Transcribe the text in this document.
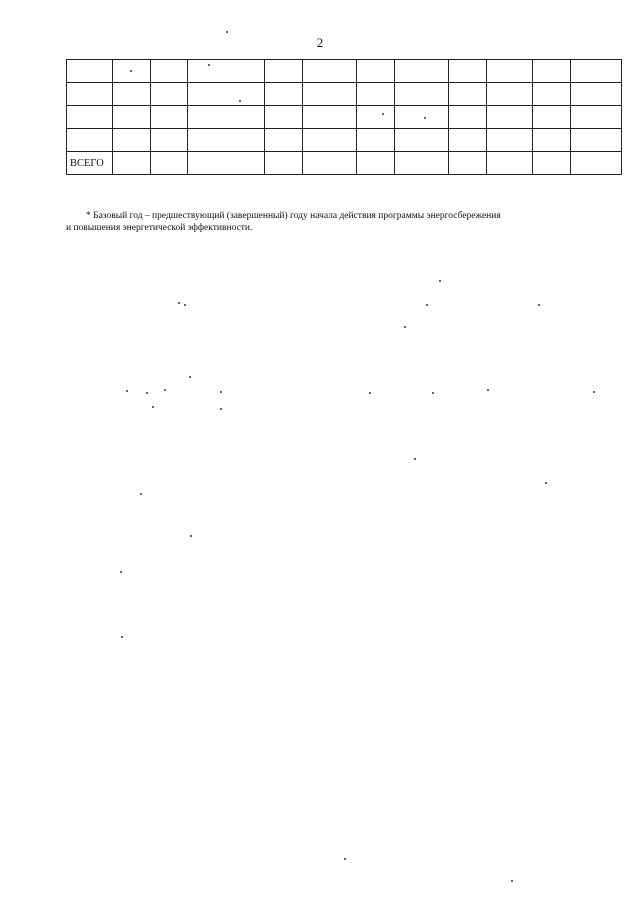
2

ВСЕГО											
* Базовый год – предшествующий (завершенный) году начала действия программы энергосбережения
и повышения энергетической эффективности.
